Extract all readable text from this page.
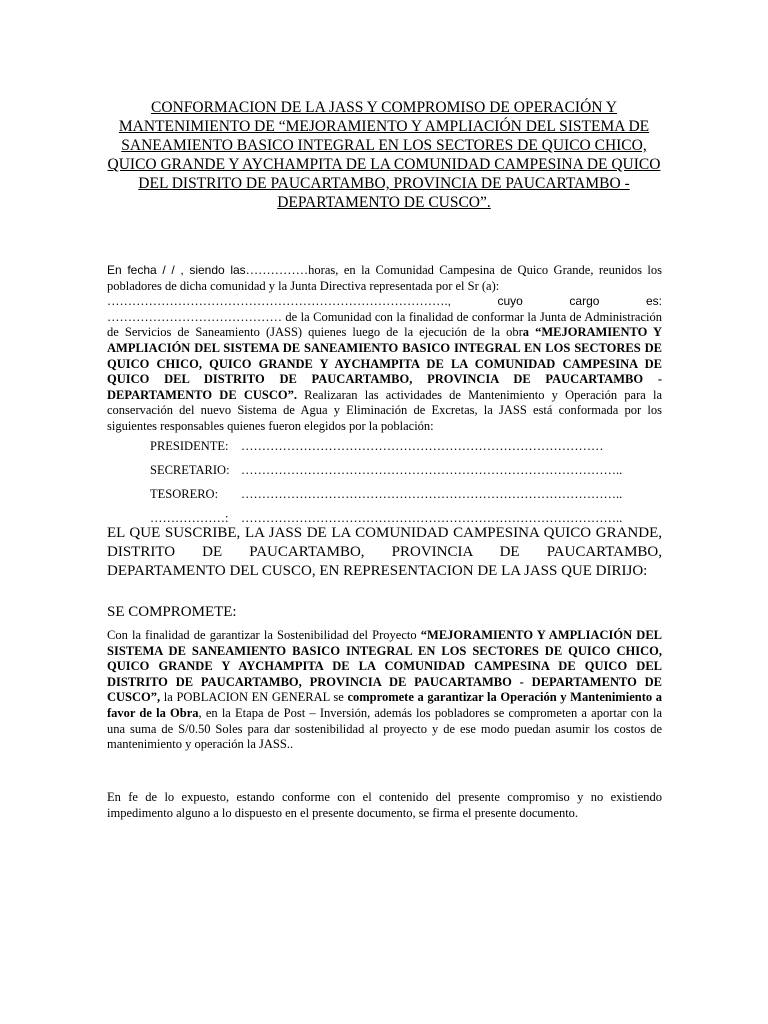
CONFORMACION DE LA JASS Y COMPROMISO DE OPERACIÓN Y
MANTENIMIENTO DE “MEJORAMIENTO Y AMPLIACIÓN DEL SISTEMA DE
SANEAMIENTO BASICO INTEGRAL EN LOS SECTORES DE QUICO CHICO,
QUICO GRANDE Y AYCHAMPITA DE LA COMUNIDAD CAMPESINA DE QUICO
DEL DISTRITO DE PAUCARTAMBO, PROVINCIA DE PAUCARTAMBO -
DEPARTAMENTO DE CUSCO”.
En fecha / / , siendo las……………horas, en la Comunidad Campesina de Quico Grande, reunidos los pobladores de dicha comunidad y la Junta Directiva representada por el Sr (a):
………………………………………………………………………., cuyo cargo es:
…………………………………… de la Comunidad con la finalidad de conformar la Junta de Administración de Servicios de Saneamiento (JASS) quienes luego de la ejecución de la obra “MEJORAMIENTO Y AMPLIACIÓN DEL SISTEMA DE SANEAMIENTO BASICO INTEGRAL EN LOS SECTORES DE QUICO CHICO, QUICO GRANDE Y AYCHAMPITA DE LA COMUNIDAD CAMPESINA DE QUICO DEL DISTRITO DE PAUCARTAMBO, PROVINCIA DE PAUCARTAMBO - DEPARTAMENTO DE CUSCO”. Realizaran las actividades de Mantenimiento y Operación para la conservación del nuevo Sistema de Agua y Eliminación de Excretas, la JASS está conformada por los siguientes responsables quienes fueron elegidos por la población:
PRESIDENTE:	……………………………………………………………………………
SECRETARIO: ………………………………………………………………………………..
TESORERO:	………………………………………………………………………………..
………………:	………………………………………………………………………………..
EL QUE SUSCRIBE, LA JASS DE LA COMUNIDAD CAMPESINA QUICO GRANDE, DISTRITO DE PAUCARTAMBO, PROVINCIA DE PAUCARTAMBO, DEPARTAMENTO DEL CUSCO, EN REPRESENTACION DE LA JASS QUE DIRIJO:
SE COMPROMETE:
Con la finalidad de garantizar la Sostenibilidad del Proyecto “MEJORAMIENTO Y AMPLIACIÓN DEL SISTEMA DE SANEAMIENTO BASICO INTEGRAL EN LOS SECTORES DE QUICO CHICO, QUICO GRANDE Y AYCHAMPITA DE LA COMUNIDAD CAMPESINA DE QUICO DEL DISTRITO DE PAUCARTAMBO, PROVINCIA DE PAUCARTAMBO - DEPARTAMENTO DE CUSCO”, la POBLACION EN GENERAL se compromete a garantizar la Operación y Mantenimiento a favor de la Obra, en la Etapa de Post – Inversión, además los pobladores se comprometen a aportar con la una suma de S/0.50 Soles para dar sostenibilidad al proyecto y de ese modo puedan asumir los costos de mantenimiento y operación la JASS..
En fe de lo expuesto, estando conforme con el contenido del presente compromiso y no existiendo impedimento alguno a lo dispuesto en el presente documento, se firma el presente documento.
